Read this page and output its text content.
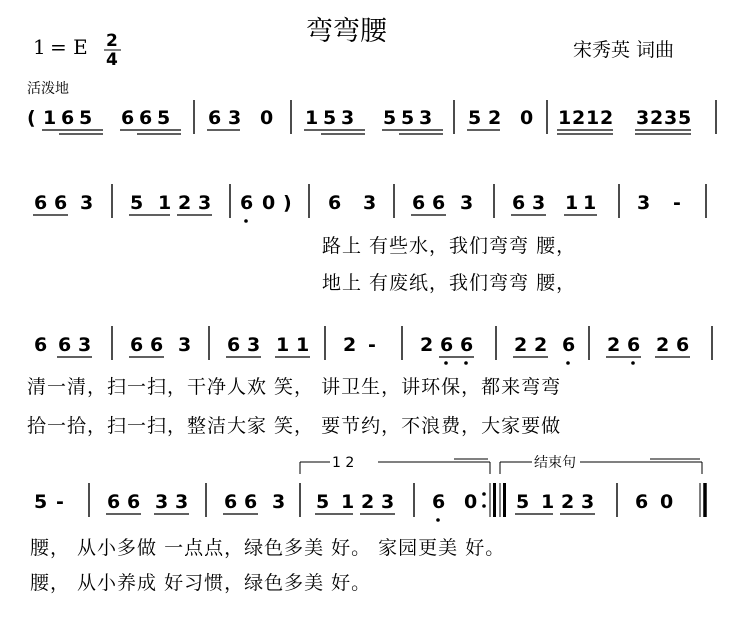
1 = E 2
4
弯弯腰
宋秀英 词曲
活泼地
( 1 6 5 6 6 5 6 3 0 1 5 3 5 5 3 5 2 0 1 2 1 2 3 2 3 5
6 6 3 5 1 2 3 6 0 ) 6 3 6 6 3 6 3 1 1 3 -
路上 有些水，我们弯弯 腰，
地上 有废纸，我们弯弯 腰，
6 6 3 6 6 3 6 3 1 1 2 - 2 6 6 2 2 6 2 6 2 6
清一清，扫一扫，干净人欢 笑， 讲卫生，讲环保，都来弯弯
拾一拾，扫一扫，整洁大家 笑， 要节约，不浪费，大家要做
1 2	结束句
5 - 6 6 3 3 6 6 3 5 1 2 3 6 0 5 1 2 3 6 0
腰， 从小多做 一点点，绿色多美 好。 家园更美 好。
腰， 从小养成 好习惯，绿色多美 好。
